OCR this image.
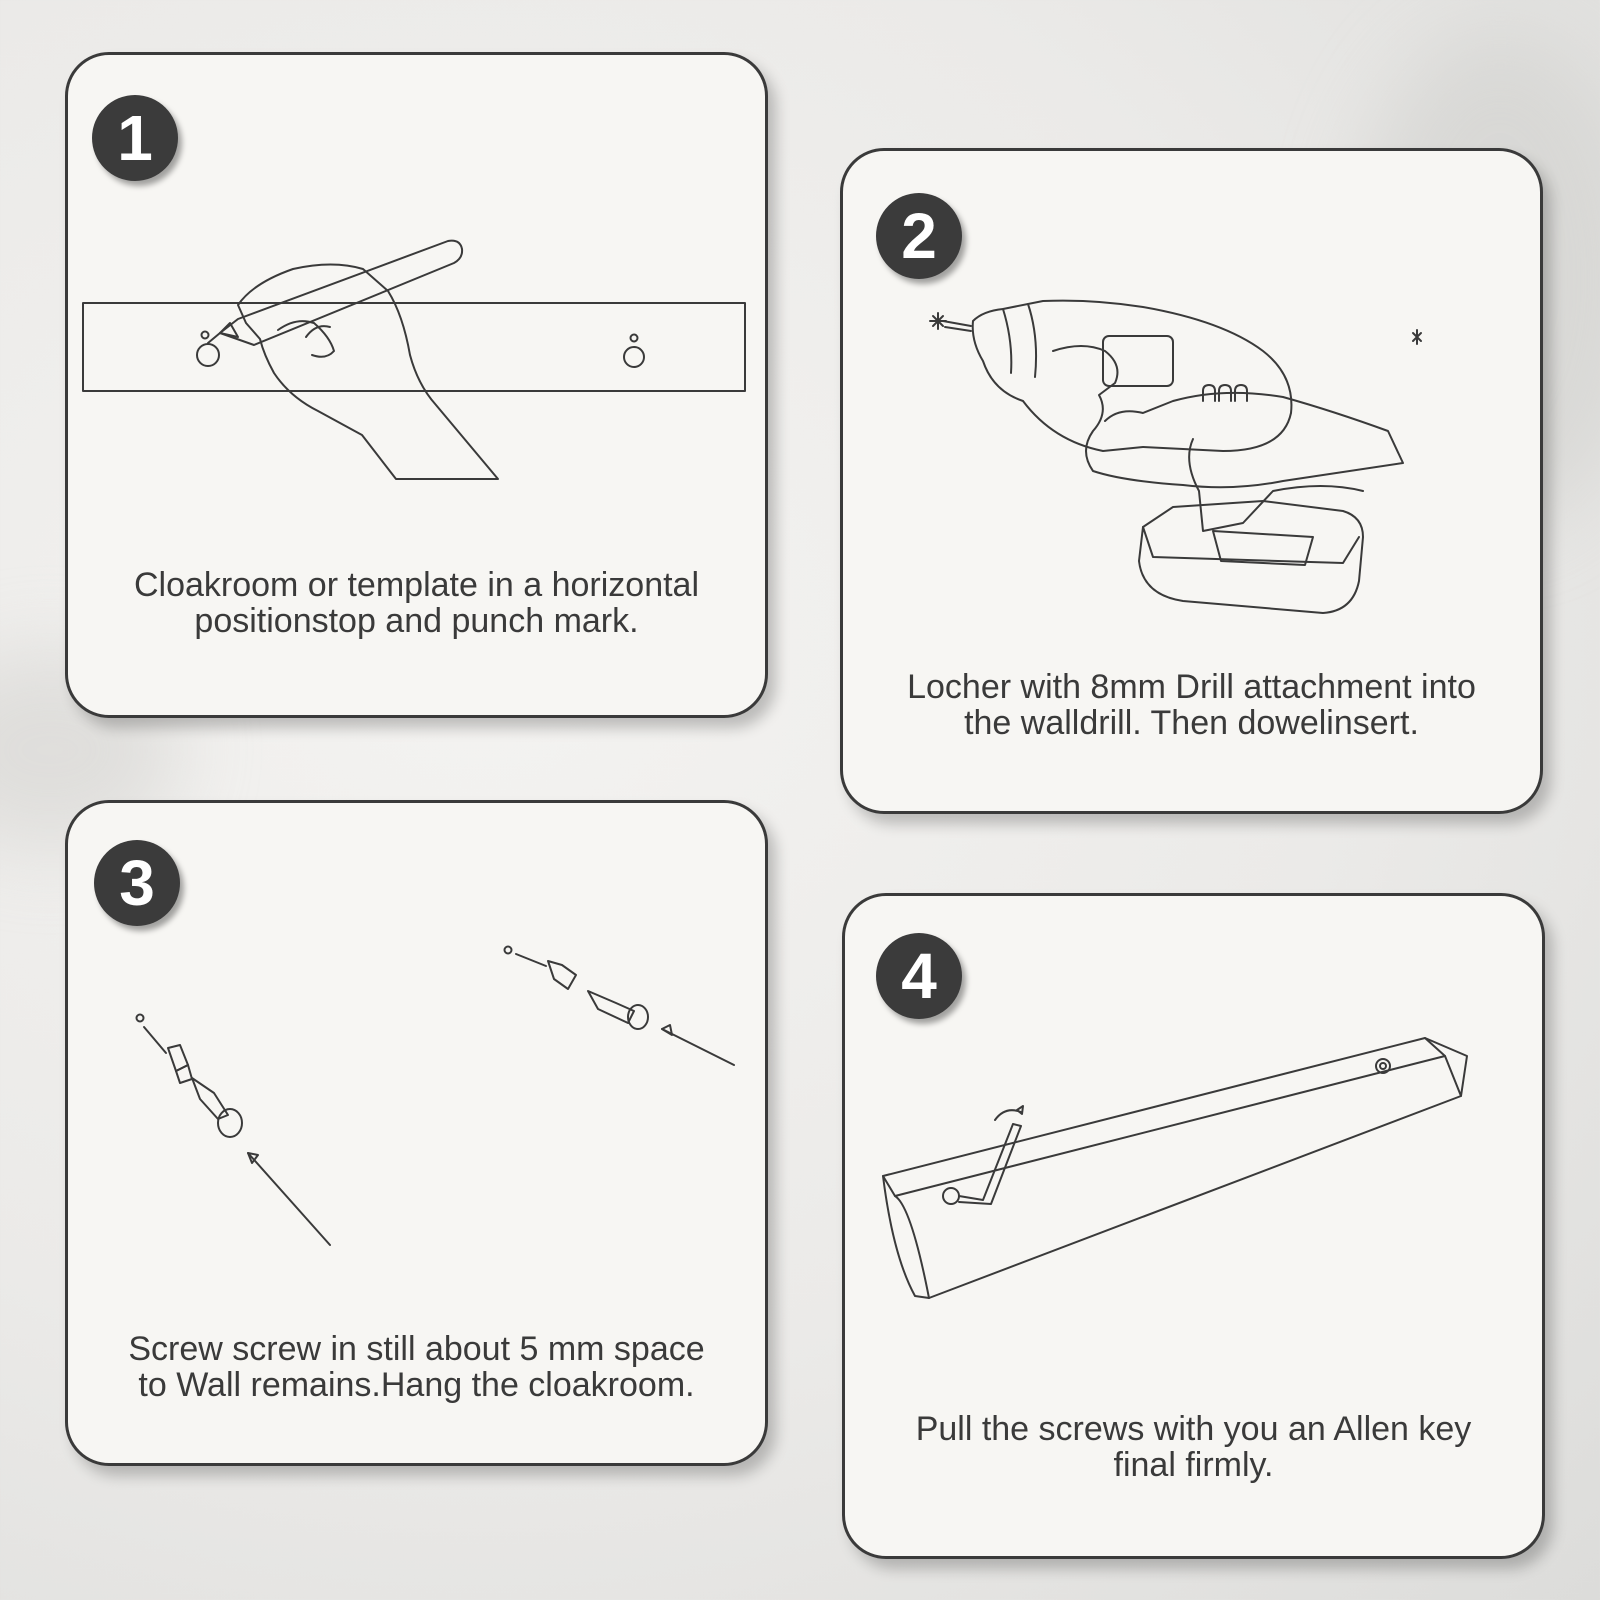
1
Cloakroom or template in a horizontal
positionstop and punch mark.
2
Locher with 8mm Drill attachment into
the walldrill. Then dowelinsert.
3
Screw screw in still about 5 mm space
to Wall remains.Hang the cloakroom.
4
Pull the screws with you an Allen key
final firmly.
